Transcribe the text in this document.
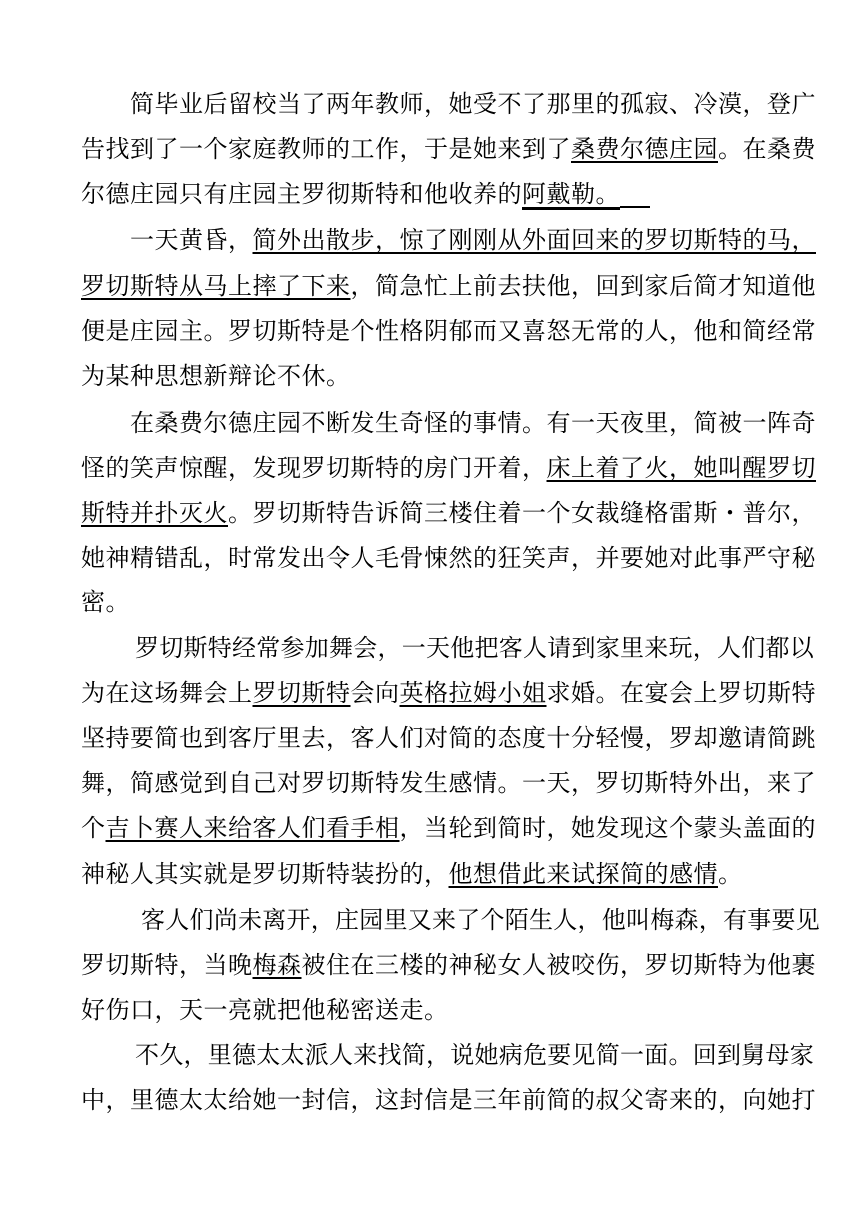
简毕业后留校当了两年教师，她受不了那里的孤寂、冷漠，登广
告找到了一个家庭教师的工作，于是她来到了桑费尔德庄园。在桑费
尔德庄园只有庄园主罗彻斯特和他收养的阿戴勒。
一天黄昏，简外出散步，惊了刚刚从外面回来的罗切斯特的马，
罗切斯特从马上摔了下来，简急忙上前去扶他，回到家后简才知道他
便是庄园主。罗切斯特是个性格阴郁而又喜怒无常的人，他和简经常
为某种思想新辩论不休。
在桑费尔德庄园不断发生奇怪的事情。有一天夜里，简被一阵奇
怪的笑声惊醒，发现罗切斯特的房门开着，床上着了火，她叫醒罗切
斯特并扑灭火。罗切斯特告诉简三楼住着一个女裁缝格雷斯・普尔，
她神精错乱，时常发出令人毛骨悚然的狂笑声，并要她对此事严守秘
密。
罗切斯特经常参加舞会，一天他把客人请到家里来玩，人们都以
为在这场舞会上罗切斯特会向英格拉姆小姐求婚。在宴会上罗切斯特
坚持要简也到客厅里去，客人们对简的态度十分轻慢，罗却邀请简跳
舞，简感觉到自己对罗切斯特发生感情。一天，罗切斯特外出，来了
个吉卜赛人来给客人们看手相，当轮到简时，她发现这个蒙头盖面的
神秘人其实就是罗切斯特装扮的，他想借此来试探简的感情。
客人们尚未离开，庄园里又来了个陌生人，他叫梅森，有事要见
罗切斯特，当晚梅森被住在三楼的神秘女人被咬伤，罗切斯特为他裹
好伤口，天一亮就把他秘密送走。
不久，里德太太派人来找简，说她病危要见简一面。回到舅母家
中，里德太太给她一封信，这封信是三年前简的叔父寄来的，向她打
